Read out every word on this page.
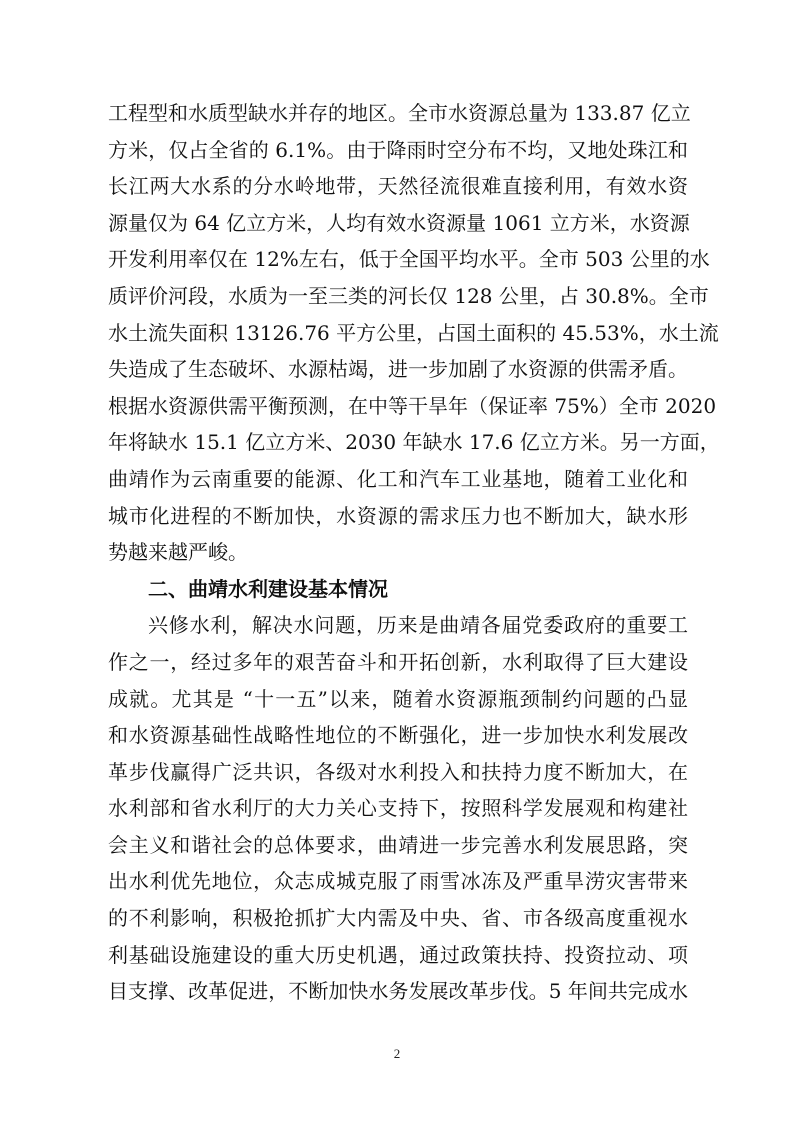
工程型和水质型缺水并存的地区。全市水资源总量为 133.87 亿立
方米，仅占全省的 6.1%。由于降雨时空分布不均，又地处珠江和
长江两大水系的分水岭地带，天然径流很难直接利用，有效水资
源量仅为 64 亿立方米，人均有效水资源量 1061 立方米，水资源
开发利用率仅在 12%左右，低于全国平均水平。全市 503 公里的水
质评价河段，水质为一至三类的河长仅 128 公里，占 30.8%。全市
水土流失面积 13126.76 平方公里，占国土面积的 45.53%，水土流
失造成了生态破坏、水源枯竭，进一步加剧了水资源的供需矛盾。
根据水资源供需平衡预测，在中等干旱年（保证率 75%）全市 2020
年将缺水 15.1 亿立方米、2030 年缺水 17.6 亿立方米。另一方面，
曲靖作为云南重要的能源、化工和汽车工业基地，随着工业化和
城市化进程的不断加快，水资源的需求压力也不断加大，缺水形
势越来越严峻。
二、曲靖水利建设基本情况
兴修水利，解决水问题，历来是曲靖各届党委政府的重要工
作之一，经过多年的艰苦奋斗和开拓创新，水利取得了巨大建设
成就。尤其是 “十一五”以来，随着水资源瓶颈制约问题的凸显
和水资源基础性战略性地位的不断强化，进一步加快水利发展改
革步伐赢得广泛共识，各级对水利投入和扶持力度不断加大，在
水利部和省水利厅的大力关心支持下，按照科学发展观和构建社
会主义和谐社会的总体要求，曲靖进一步完善水利发展思路，突
出水利优先地位，众志成城克服了雨雪冰冻及严重旱涝灾害带来
的不利影响，积极抢抓扩大内需及中央、省、市各级高度重视水
利基础设施建设的重大历史机遇，通过政策扶持、投资拉动、项
目支撑、改革促进，不断加快水务发展改革步伐。5 年间共完成水
2
